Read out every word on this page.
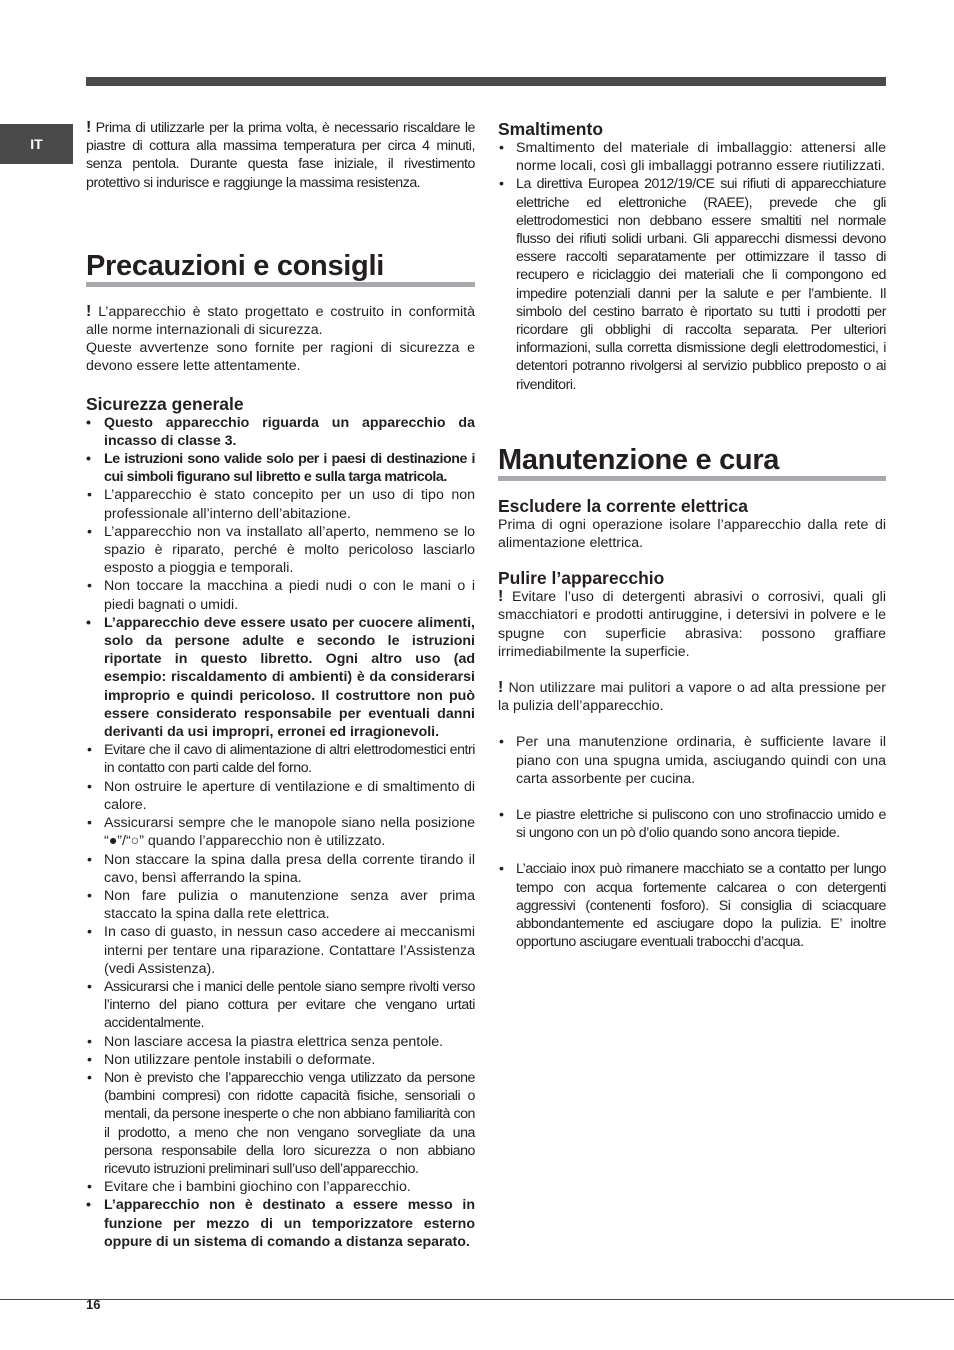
IT

! Prima di utilizzarle per la prima volta, è necessario riscaldare le piastre di cottura alla massima temperatura per circa 4 minuti, senza pentola. Durante questa fase iniziale, il rivestimento protettivo si indurisce e raggiunge la massima resistenza.

Precauzioni e consigli

! L’apparecchio è stato progettato e costruito in conformità alle norme internazionali di sicurezza.

Queste avvertenze sono fornite per ragioni di sicurezza e devono essere lette attentamente.

Sicurezza generale
• Questo apparecchio riguarda un apparecchio da incasso di classe 3.
• Le istruzioni sono valide solo per i paesi di destinazione i cui simboli figurano sul libretto e sulla targa matricola.
• L’apparecchio è stato concepito per un uso di tipo non professionale all’interno dell’abitazione.
• L’apparecchio non va installato all’aperto, nemmeno se lo spazio è riparato, perché è molto pericoloso lasciarlo esposto a pioggia e temporali.
• Non toccare la macchina a piedi nudi o con le mani o i piedi bagnati o umidi.
• L’apparecchio deve essere usato per cuocere alimenti, solo da persone adulte e secondo le istruzioni riportate in questo libretto. Ogni altro uso (ad esempio: riscaldamento di ambienti) è da considerarsi improprio e quindi pericoloso. Il costruttore non può essere considerato responsabile per eventuali danni derivanti da usi impropri, erronei ed irragionevoli.
• Evitare che il cavo di alimentazione di altri elettrodomestici entri in contatto con parti calde del forno.
• Non ostruire le aperture di ventilazione e di smaltimento di calore.
• Assicurarsi sempre che le manopole siano nella posizione “●”/“○” quando l’apparecchio non è utilizzato.
• Non staccare la spina dalla presa della corrente tirando il cavo, bensì afferrando la spina.
• Non fare pulizia o manutenzione senza aver prima staccato la spina dalla rete elettrica.
• In caso di guasto, in nessun caso accedere ai meccanismi interni per tentare una riparazione. Contattare l’Assistenza (vedi Assistenza).
• Assicurarsi che i manici delle pentole siano sempre rivolti verso l’interno del piano cottura per evitare che vengano urtati accidentalmente.
• Non lasciare accesa la piastra elettrica senza pentole.
• Non utilizzare pentole instabili o deformate.
• Non è previsto che l’apparecchio venga utilizzato da persone (bambini compresi) con ridotte capacità fisiche, sensoriali o mentali, da persone inesperte o che non abbiano familiarità con il prodotto, a meno che non vengano sorvegliate da una persona responsabile della loro sicurezza o non abbiano ricevuto istruzioni preliminari sull’uso dell’apparecchio.
• Evitare che i bambini giochino con l’apparecchio.
• L’apparecchio non è destinato a essere messo in funzione per mezzo di un temporizzatore esterno oppure di un sistema di comando a distanza separato.
Smaltimento
• Smaltimento del materiale di imballaggio: attenersi alle norme locali, così gli imballaggi potranno essere riutilizzati.
• La direttiva Europea 2012/19/CE sui rifiuti di apparecchiature elettriche ed elettroniche (RAEE), prevede che gli elettrodomestici non debbano essere smaltiti nel normale flusso dei rifiuti solidi urbani. Gli apparecchi dismessi devono essere raccolti separatamente per ottimizzare il tasso di recupero e riciclaggio dei materiali che li compongono ed impedire potenziali danni per la salute e per l’ambiente. Il simbolo del cestino barrato è riportato su tutti i prodotti per ricordare gli obblighi di raccolta separata. Per ulteriori informazioni, sulla corretta dismissione degli elettrodomestici, i detentori potranno rivolgersi al servizio pubblico preposto o ai rivenditori.
Manutenzione e cura
Escludere la corrente elettrica

Prima di ogni operazione isolare l’apparecchio dalla rete di alimentazione elettrica.

Pulire l’apparecchio

! Evitare l’uso di detergenti abrasivi o corrosivi, quali gli smacchiatori e prodotti antiruggine, i detersivi in polvere e le spugne con superficie abrasiva: possono graffiare irrimediabilmente la superficie.

! Non utilizzare mai pulitori a vapore o ad alta pressione per la pulizia dell’apparecchio.

• Per una manutenzione ordinaria, è sufficiente lavare il piano con una spugna umida, asciugando quindi con una carta assorbente per cucina.
• Le piastre elettriche si puliscono con uno strofinaccio umido e si ungono con un pò d’olio quando sono ancora tiepide.
• L’acciaio inox può rimanere macchiato se a contatto per lungo tempo con acqua fortemente calcarea o con detergenti aggressivi (contenenti fosforo). Si consiglia di sciacquare abbondantemente ed asciugare dopo la pulizia. E’ inoltre opportuno asciugare eventuali trabocchi d’acqua.
16
